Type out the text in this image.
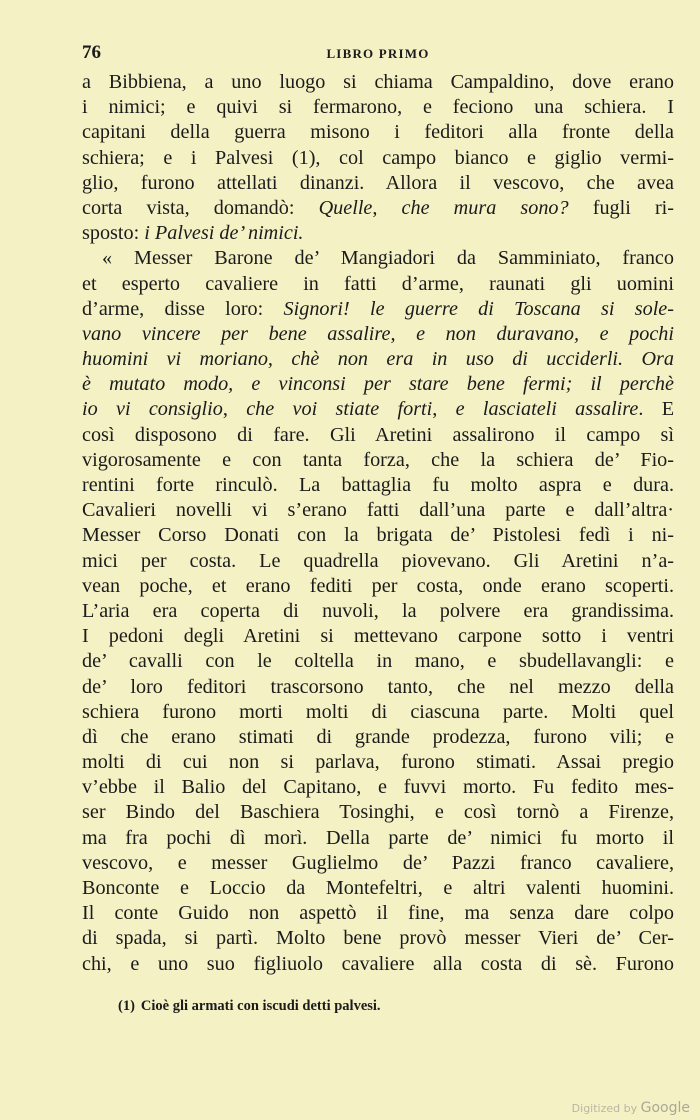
76	LIBRO PRIMO
a Bibbiena, a uno luogo si chiama Campaldino, dove erano
i nimici; e quivi si fermarono, e feciono una schiera. I
capitani della guerra misono i feditori alla fronte della
schiera; e i Palvesi (1), col campo bianco e giglio vermi-
glio, furono attellati dinanzi. Allora il vescovo, che avea
corta vista, domandò: Quelle, che mura sono? fugli ri-
sposto: i Palvesi de’ nimici.
« Messer Barone de’ Mangiadori da Samminiato, franco
et esperto cavaliere in fatti d’arme, raunati gli uomini
d’arme, disse loro: Signori! le guerre di Toscana si sole-
vano vincere per bene assalire, e non duravano, e pochi
huomini vi moriano, chè non era in uso di ucciderli. Ora
è mutato modo, e vinconsi per stare bene fermi; il perchè
io vi consiglio, che voi stiate forti, e lasciateli assalire. E
così disposono di fare. Gli Aretini assalirono il campo sì
vigorosamente e con tanta forza, che la schiera de’ Fio-
rentini forte rinculò. La battaglia fu molto aspra e dura.
Cavalieri novelli vi s’erano fatti dall’una parte e dall’altra·
Messer Corso Donati con la brigata de’ Pistolesi fedì i ni-
mici per costa. Le quadrella piovevano. Gli Aretini n’a-
vean poche, et erano fediti per costa, onde erano scoperti.
L’aria era coperta di nuvoli, la polvere era grandissima.
I pedoni degli Aretini si mettevano carpone sotto i ventri
de’ cavalli con le coltella in mano, e sbudellavangli: e
de’ loro feditori trascorsono tanto, che nel mezzo della
schiera furono morti molti di ciascuna parte. Molti quel
dì che erano stimati di grande prodezza, furono vili; e
molti di cui non si parlava, furono stimati. Assai pregio
v’ebbe il Balio del Capitano, e fuvvi morto. Fu fedito mes-
ser Bindo del Baschiera Tosinghi, e così tornò a Firenze,
ma fra pochi dì morì. Della parte de’ nimici fu morto il
vescovo, e messer Guglielmo de’ Pazzi franco cavaliere,
Bonconte e Loccio da Montefeltri, e altri valenti huomini.
Il conte Guido non aspettò il fine, ma senza dare colpo
di spada, si partì. Molto bene provò messer Vieri de’ Cer-
chi, e uno suo figliuolo cavaliere alla costa di sè. Furono
(1) Cioè gli armati con iscudi detti palvesi.
Digitized by Google
